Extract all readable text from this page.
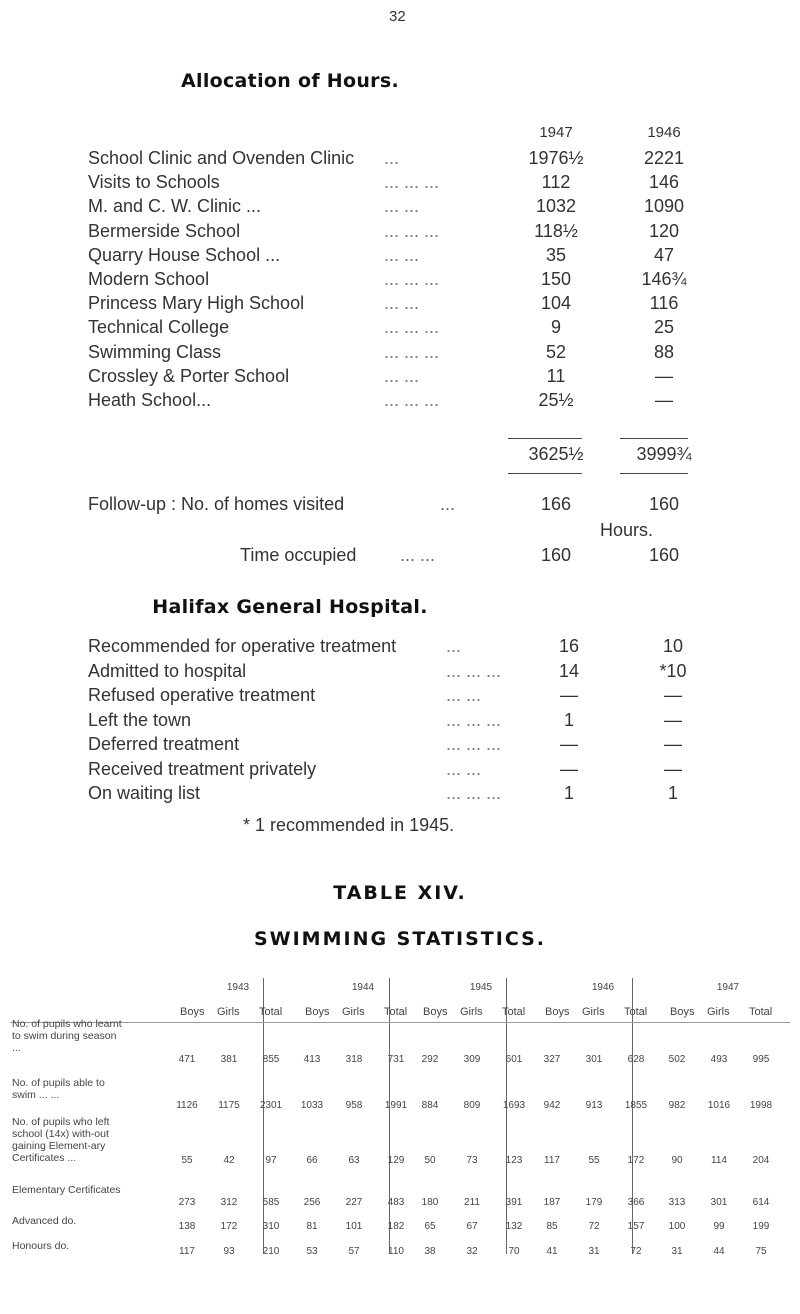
32
Allocation of Hours.
1947	1946
School Clinic and Ovenden Clinic ...	1976½	2221
Visits to Schools	... ... ...	112	146
M. and C. W. Clinic ...	... ...	1032	1090
Bermerside School	... ... ...	118½	120
Quarry House School ...	... ...	35	47
Modern School	... ... ...	150	146¾
Princess Mary High School	... ...	104	116
Technical College	... ... ...	9	25
Swimming Class	... ... ...	52	88
Crossley & Porter School	... ...	11	—
Heath School...	... ... ...	25½	—
3625½	3999¾
Follow-up : No. of homes visited	...	166	160
Hours.
Time occupied ... ...	160	160
Halifax General Hospital.
Recommended for operative treatment	...	16	10
Admitted to hospital	... ... ...	14	*10
Refused operative treatment	... ...	—	—
Left the town	... ... ...	1	—
Deferred treatment	... ... ...	—	—
Received treatment privately	... ...	—	—
On waiting list	... ... ...	1	1
* 1 recommended in 1945.
TABLE XIV.
SWIMMING STATISTICS.
1943
Boys Girls Total
1944
Boys Girls Total
1945
Boys Girls Total
1946
Boys Girls Total
1947
Boys Girls Total
No. of pupils who learnt to swim during season ...
471	381	855	413	318	731	292	309	601	327	301	628	502	493	995
No. of pupils able to swim ... ...
1126	1175	2301	1033	958	1991	884	809	1693	942	913	1855	982	1016	1998
No. of pupils who left school (14x) with-out gaining Element-ary Certificates ...	55	42	97	66	63	129	50	73	123	117	55	172	90	114	204
Elementary Certificates
273	312	585	256	227	483	180	211	391	187	179	366	313	301	614
Advanced do.	138	172	310	81	101	182	65	67	132	85	72	157	100	99	199
Honours do.	117	93	210	53	57	110	38	32	70	41	31	72	31	44	75
